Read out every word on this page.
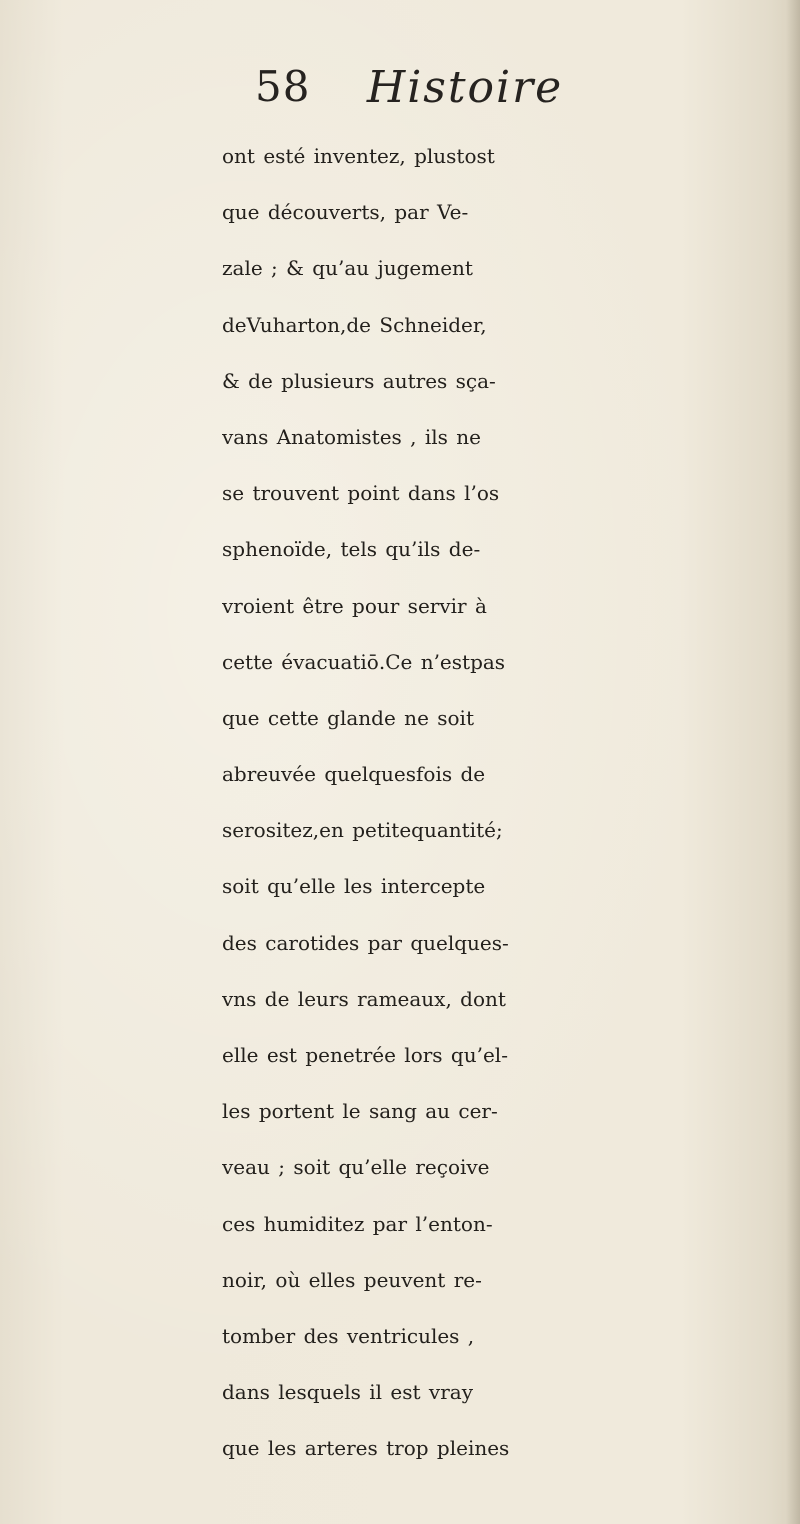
58 Histoire
ont esté inventez, plustost
que découverts, par Ve-
zale ; & qu’au jugement
deVuharton,de Schneider,
& de plusieurs autres sça-
vans Anatomistes , ils ne
se trouvent point dans l’os
sphenoïde, tels qu’ils de-
vroient être pour servir à
cette évacuatiō.Ce n’estpas
que cette glande ne soit
abreuvée quelquesfois de
serositez,en petitequantité;
soit qu’elle les intercepte
des carotides par quelques-
vns de leurs rameaux, dont
elle est penetrée lors qu’el-
les portent le sang au cer-
veau ; soit qu’elle reçoive
ces humiditez par l’enton-
noir, où elles peuvent re-
tomber des ventricules ,
dans lesquels il est vray
que les arteres trop pleines
